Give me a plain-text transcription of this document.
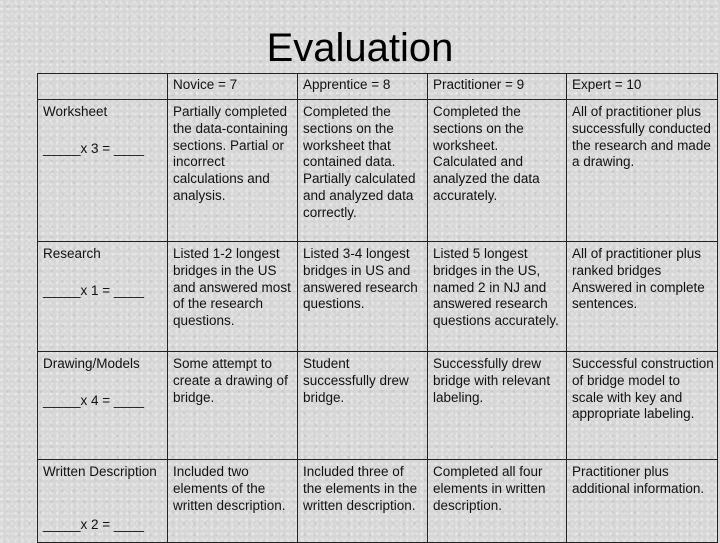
Evaluation
	Novice = 7	Apprentice = 8	Practitioner = 9	Expert = 10

Worksheet
_____x 3 = ____	Partially completed the data-containing sections. Partial or incorrect calculations and analysis.	Completed the sections on the worksheet that contained data. Partially calculated and analyzed data correctly.	Completed the sections on the worksheet. Calculated and analyzed the data accurately.	All of practitioner plus successfully conducted the research and made a drawing.

Research
_____x 1 = ____	Listed 1-2 longest bridges in the US and answered most of the research questions.	Listed 3-4 longest bridges in US and answered research questions.	Listed 5 longest bridges in the US, named 2 in NJ and answered research questions accurately.	All of practitioner plus ranked bridges Answered in complete sentences.

Drawing/Models
_____x 4 = ____	Some attempt to create a drawing of bridge.	Student successfully drew bridge.	Successfully drew bridge with relevant labeling.	Successful construction of bridge model to scale with key and appropriate labeling.

Written Description
_____x 2 = ____	Included two elements of the written description.	Included three of the elements in the written description.	Completed all four elements in written description.	Practitioner plus additional information.
